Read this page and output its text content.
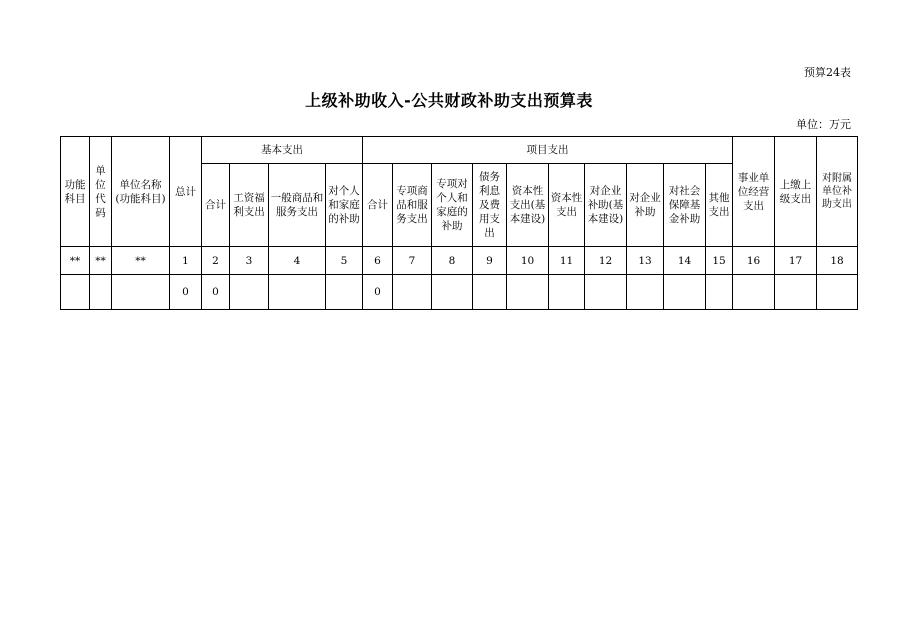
预算24表
上级补助收入-公共财政补助支出预算表
单位：万元
功能科目	单位代码	单位名称(功能科目)	总计	基本支出				项目支出										事业单位经营支出	上缴上级支出	对附属单位补助支出
				合计	工资福利支出	一般商品和服务支出	对个人和家庭的补助	合计	专项商品和服务支出	专项对个人和家庭的补助	债务利息及费用支出	资本性支出(基本建设)	资本性支出	对企业补助(基本建设)	对企业补助	对社会保障基金补助	其他支出			
**	**	**	1	2	3	4	5	6	7	8	9	10	11	12	13	14	15	16	17	18
			0	0				0												
